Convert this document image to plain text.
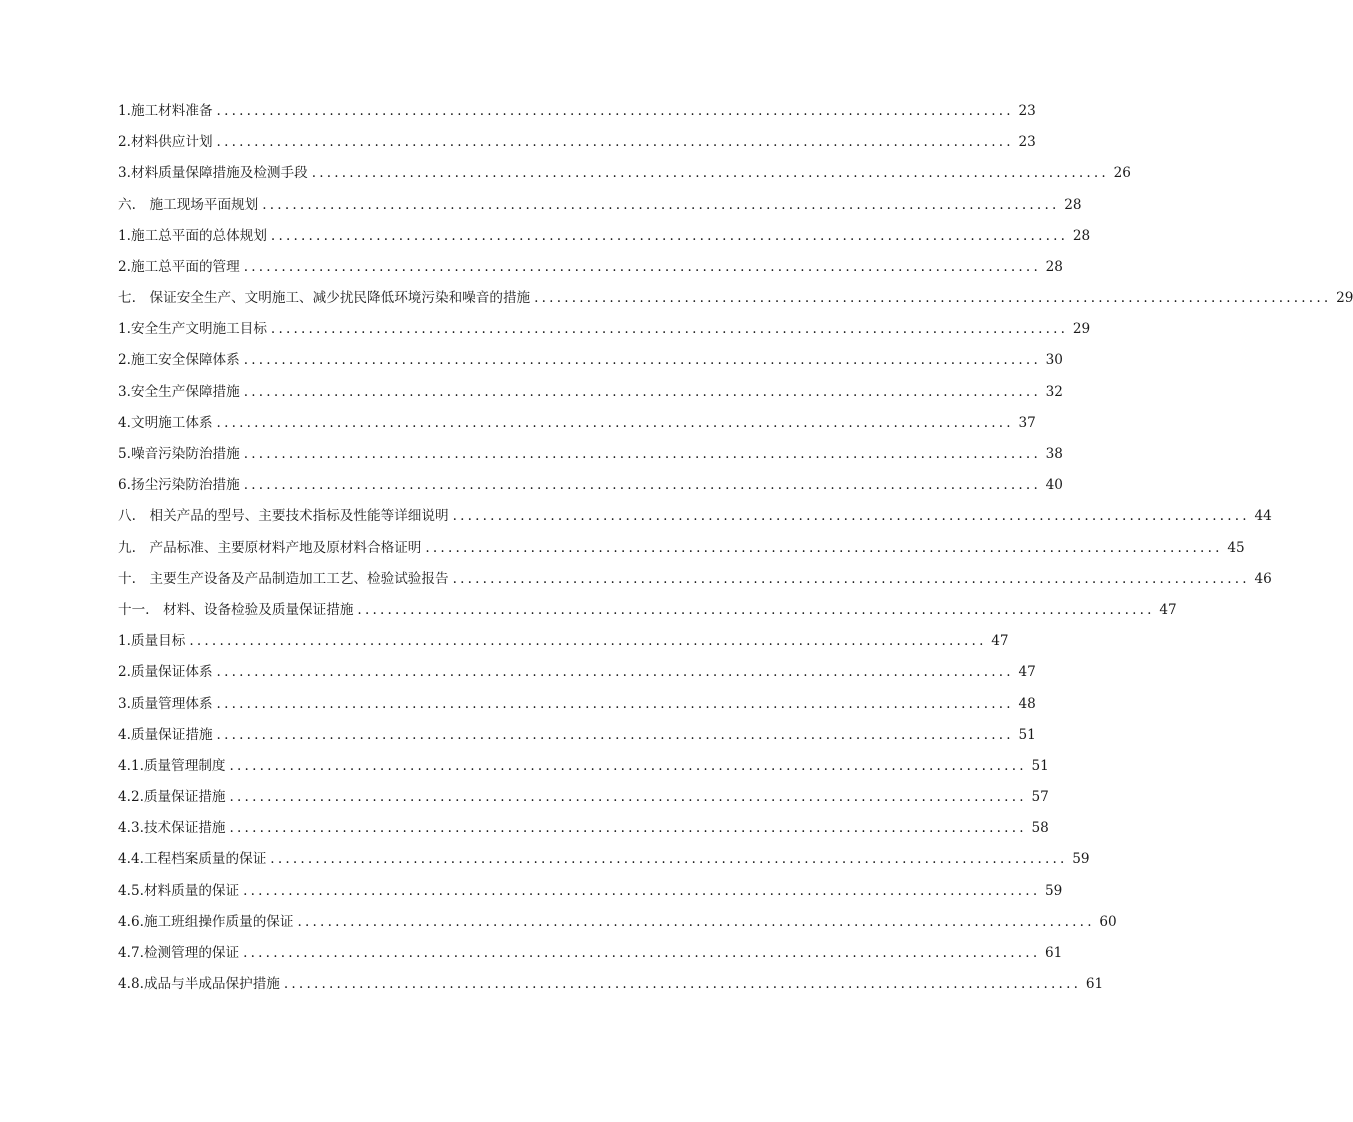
1.施工材料准备 .......................................................................................................... 23
2.材料供应计划 .......................................................................................................... 23
3.材料质量保障措施及检测手段 .......................................................................................................... 26
六.　施工现场平面规划 .......................................................................................................... 28
1.施工总平面的总体规划 .......................................................................................................... 28
2.施工总平面的管理 .......................................................................................................... 28
七.　保证安全生产、文明施工、减少扰民降低环境污染和噪音的措施 .......................................................................................................... 29
1.安全生产文明施工目标 .......................................................................................................... 29
2.施工安全保障体系 .......................................................................................................... 30
3.安全生产保障措施 .......................................................................................................... 32
4.文明施工体系 .......................................................................................................... 37
5.噪音污染防治措施 .......................................................................................................... 38
6.扬尘污染防治措施 .......................................................................................................... 40
八.　相关产品的型号、主要技术指标及性能等详细说明 .......................................................................................................... 44
九.　产品标准、主要原材料产地及原材料合格证明 .......................................................................................................... 45
十.　主要生产设备及产品制造加工工艺、检验试验报告 .......................................................................................................... 46
十一.　材料、设备检验及质量保证措施 .......................................................................................................... 47
1.质量目标 .......................................................................................................... 47
2.质量保证体系 .......................................................................................................... 47
3.质量管理体系 .......................................................................................................... 48
4.质量保证措施 .......................................................................................................... 51
4.1.质量管理制度 .......................................................................................................... 51
4.2.质量保证措施 .......................................................................................................... 57
4.3.技术保证措施 .......................................................................................................... 58
4.4.工程档案质量的保证 .......................................................................................................... 59
4.5.材料质量的保证 .......................................................................................................... 59
4.6.施工班组操作质量的保证 .......................................................................................................... 60
4.7.检测管理的保证 .......................................................................................................... 61
4.8.成品与半成品保护措施 .......................................................................................................... 61
